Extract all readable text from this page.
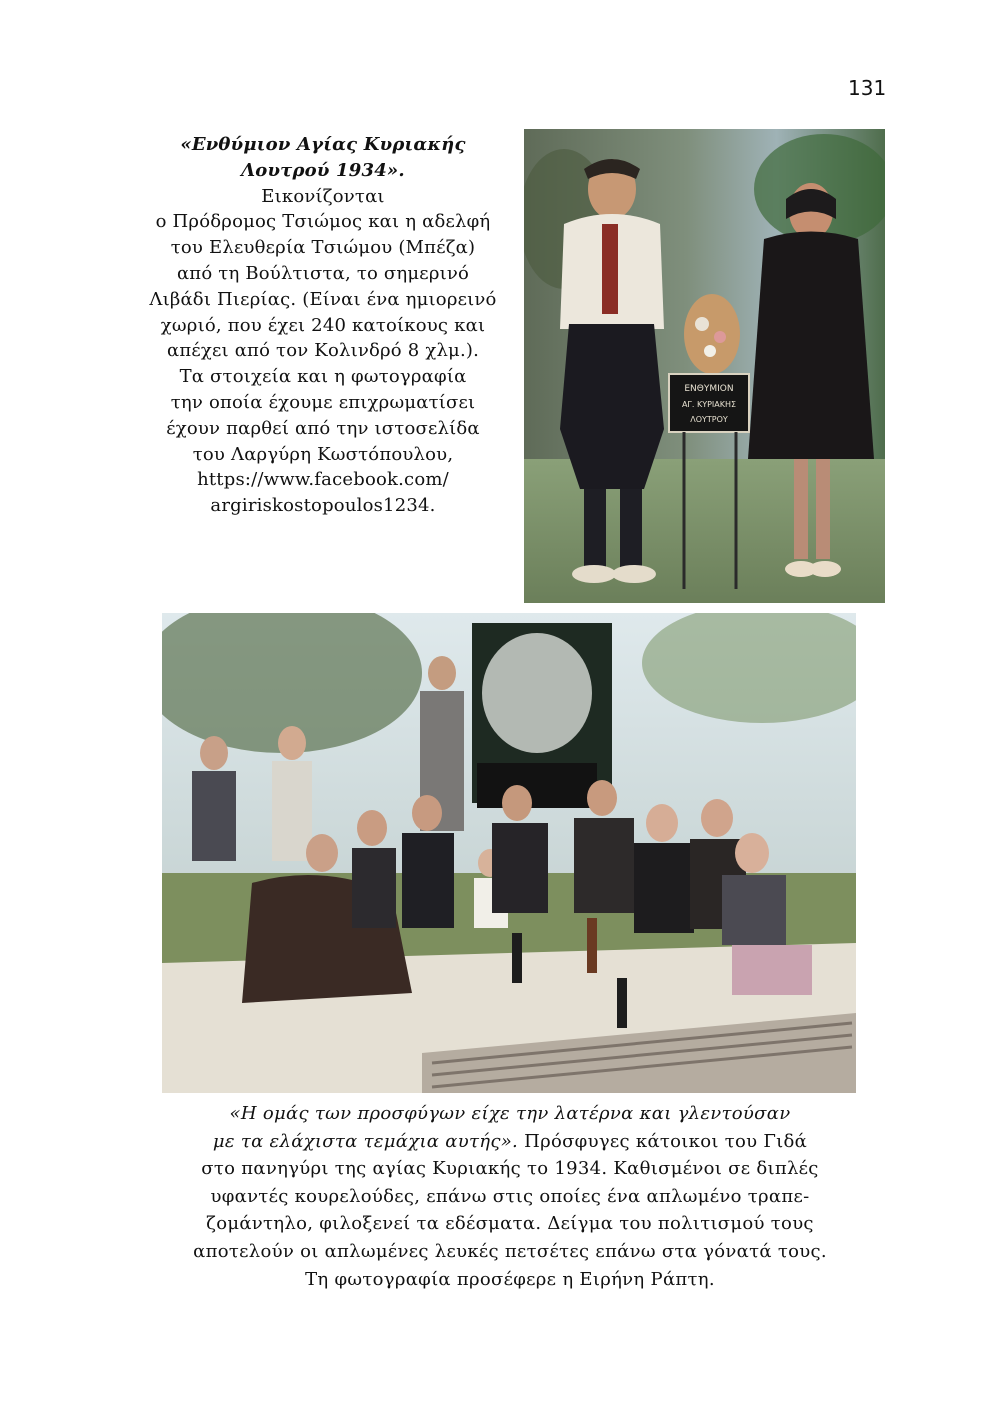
131
«Ενθύμιον Αγίας Κυριακής
Λουτρού 1934».
Εικονίζονται
ο Πρόδρομος Τσιώμος και η αδελφή
του Ελευθερία Τσιώμου (Μπέζα)
από τη Βούλτιστα, το σημερινό
Λιβάδι Πιερίας. (Είναι ένα ημιορεινό
χωριό, που έχει 240 κατοίκους και
απέχει από τον Κολινδρό 8 χλμ.).
Τα στοιχεία και η φωτογραφία
την οποία έχουμε επιχρωματίσει
έχουν παρθεί από την ιστοσελίδα
του Λαργύρη Κωστόπουλου,
https://www.facebook.com/
argiriskostopoulos1234.
ΕΝΘΥΜΙΟΝ
ΑΓ. ΚΥΡΙΑΚΗΣ
ΛΟΥΤΡΟΥ
«Η ομάς των προσφύγων είχε την λατέρνα και γλεντούσαν
με τα ελάχιστα τεμάχια αυτής». Πρόσφυγες κάτοικοι του Γιδά
στο πανηγύρι της αγίας Κυριακής το 1934. Καθισμένοι σε διπλές
υφαντές κουρελούδες, επάνω στις οποίες ένα απλωμένο τραπε-
ζομάντηλο, φιλοξενεί τα εδέσματα. Δείγμα του πολιτισμού τους
αποτελούν οι απλωμένες λευκές πετσέτες επάνω στα γόνατά τους.
Τη φωτογραφία προσέφερε η Ειρήνη Ράπτη.
